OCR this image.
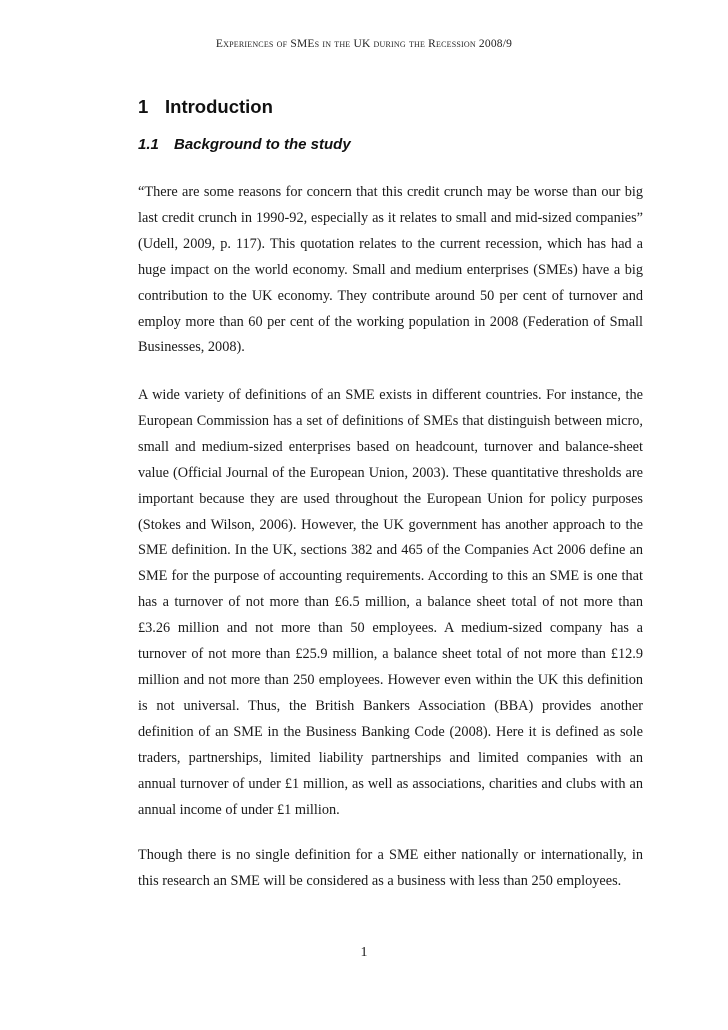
Experiences of SMEs in the UK during the Recession 2008/9
1 Introduction
1.1 Background to the study

“There are some reasons for concern that this credit crunch may be worse than our big last credit crunch in 1990-92, especially as it relates to small and mid-sized companies” (Udell, 2009, p. 117). This quotation relates to the current recession, which has had a huge impact on the world economy. Small and medium enterprises (SMEs) have a big contribution to the UK economy. They contribute around 50 per cent of turnover and employ more than 60 per cent of the working population in 2008 (Federation of Small Businesses, 2008).

A wide variety of definitions of an SME exists in different countries. For instance, the European Commission has a set of definitions of SMEs that distinguish between micro, small and medium-sized enterprises based on headcount, turnover and balance-sheet value (Official Journal of the European Union, 2003). These quantitative thresholds are important because they are used throughout the European Union for policy purposes (Stokes and Wilson, 2006). However, the UK government has another approach to the SME definition. In the UK, sections 382 and 465 of the Companies Act 2006 define an SME for the purpose of accounting requirements. According to this an SME is one that has a turnover of not more than £6.5 million, a balance sheet total of not more than £3.26 million and not more than 50 employees. A medium-sized company has a turnover of not more than £25.9 million, a balance sheet total of not more than £12.9 million and not more than 250 employees. However even within the UK this definition is not universal. Thus, the British Bankers Association (BBA) provides another definition of an SME in the Business Banking Code (2008). Here it is defined as sole traders, partnerships, limited liability partnerships and limited companies with an annual turnover of under £1 million, as well as associations, charities and clubs with an annual income of under £1 million.

Though there is no single definition for a SME either nationally or internationally, in this research an SME will be considered as a business with less than 250 employees.

1
